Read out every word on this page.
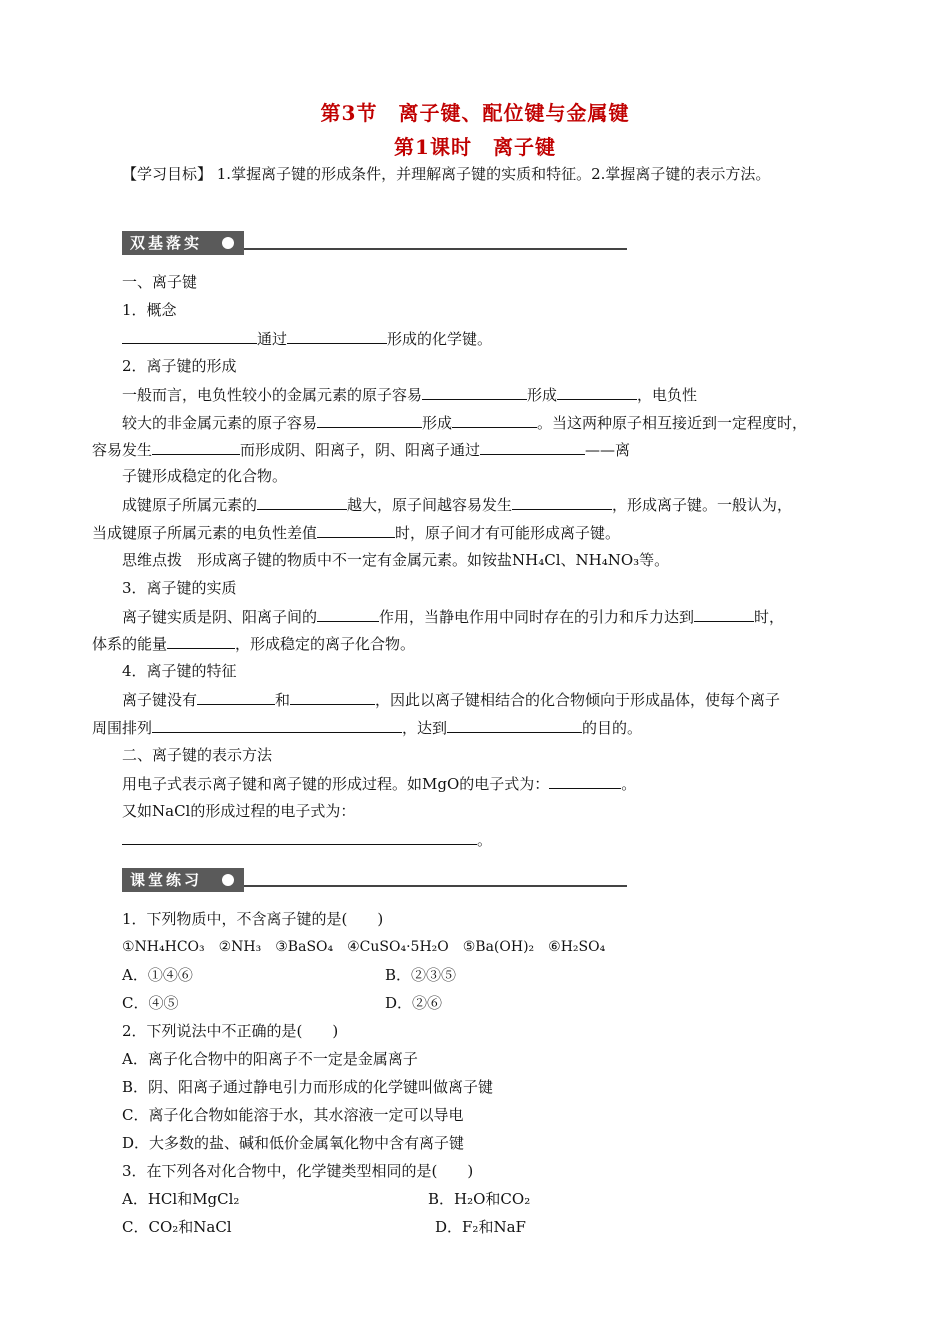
第3节　离子键、配位键与金属键
第1课时　离子键
【学习目标】 1.掌握离子键的形成条件，并理解离子键的实质和特征。2.掌握离子键的表示方法。
双基落实
一、离子键
1．概念
通过	形成的化学键。
2．离子键的形成
一般而言，电负性较小的金属元素的原子容易	形成	，电负性
较大的非金属元素的原子容易	形成	。当这两种原子相互接近到一定程度时，
容易发生	而形成阴、阳离子，阴、阳离子通过	——离
子键形成稳定的化合物。
成键原子所属元素的	越大，原子间越容易发生	，形成离子键。一般认为，
当成键原子所属元素的电负性差值	时，原子间才有可能形成离子键。
思维点拨　 形成离子键的物质中不一定有金属元素。如铵盐NH₄Cl、NH₄NO₃等。
3．离子键的实质
离子键实质是阴、阳离子间的	作用，当静电作用中同时存在的引力和斥力达到	时，
体系的能量	，形成稳定的离子化合物。
4．离子键的特征
离子键没有	和	，因此以离子键相结合的化合物倾向于形成晶体，使每个离子
周围排列	，达到	的目的。
二、离子键的表示方法
用电子式表示离子键和离子键的形成过程。如MgO的电子式为：	。
又如NaCl的形成过程的电子式为：
。
课堂练习
1．下列物质中，不含离子键的是(　　)
①NH₄HCO₃　②NH₃　③BaSO₄　④CuSO₄·5H₂O　⑤Ba(OH)₂　⑥H₂SO₄
A．①④⑥	B．②③⑤
C．④⑤	D．②⑥
2．下列说法中不正确的是(　　)
A．离子化合物中的阳离子不一定是金属离子
B．阴、阳离子通过静电引力而形成的化学键叫做离子键
C．离子化合物如能溶于水，其水溶液一定可以导电
D．大多数的盐、碱和低价金属氧化物中含有离子键
3．在下列各对化合物中，化学键类型相同的是(　　)
A．HCl和MgCl₂	B．H₂O和CO₂
C．CO₂和NaCl	D．F₂和NaF
